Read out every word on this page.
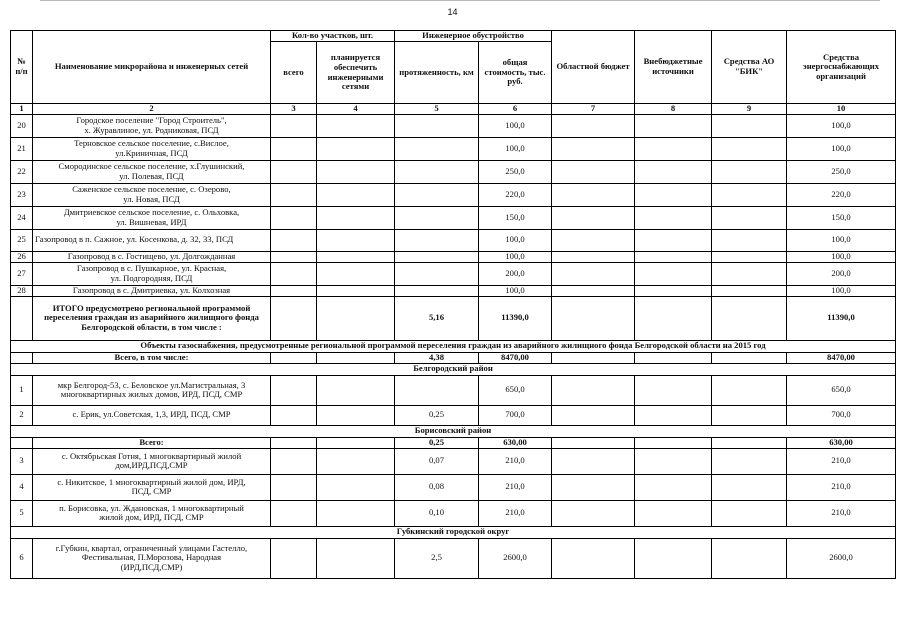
14
№ п/п	Наименование микрорайона и инженерных сетей	Кол-во участков, шт.		Инженерное обустройство		Областной бюджет	Внебюджетные источники	Средства АО "БИК"	Средства энергоснабжающих организаций
		всего	планируется обеспечить инженерными сетями	протяженность, км	общая стоимость, тыс. руб.				
1	2	3	4	5	6	7	8	9	10
20	Городское поселение "Город Строитель",
х. Журавлиное, ул. Родниковая, ПСД				100,0				100,0
21	Терновское сельское поселение, с.Вислое,
ул.Криничная, ПСД				100,0				100,0
22	Смородинское сельское поселение, х.Глушинский,
ул. Полевая, ПСД				250,0				250,0
23	Саженское сельское поселение, с. Озерово,
ул. Новая, ПСД				220,0				220,0
24	Дмитриевское сельское поселение, с. Ольховка,
ул. Вишневая, ИРД				150,0				150,0
25	Газопровод в п. Сажное, ул. Косенкова, д. 32, 33, ПСД				100,0				100,0
26	Газопровод в с. Гостищево, ул. Долгожданная				100,0				100,0
27	Газопровод в с. Пушкарное, ул. Красная,
ул. Подгородняя, ПСД				200,0				200,0
28	Газопровод в с. Дмитриевка, ул. Колхозная				100,0				100,0
	ИТОГО предусмотрено региональной программой переселения граждан из аварийного жилищного фонда Белгородской области, в том числе :			5,16	11390,0				11390,0
Объекты газоснабжения, предусмотренные региональной программой переселения граждан из аварийного жилищного фонда Белгородской области на 2015 год									
	Всего, в том числе:			4,38	8470,00				8470,00
Белгородский район									
1	мкр Белгород-53, с. Беловское ул.Магистральная, 3 многоквартирных жилых домов, ИРД, ПСД, СМР				650,0				650,0
2	с. Ерик, ул.Советская, 1,3, ИРД, ПСД, СМР			0,25	700,0				700,0
Борисовский район									
	Всего:			0,25	630,00				630,00
3	с. Октябрьская Готня, 1 многоквартирный жилой
дом,ИРД,ПСД,СМР			0,07	210,0				210,0
4	с. Никитское, 1 многоквартирный жилой дом, ИРД,
ПСД, СМР			0,08	210,0				210,0
5	п. Борисовка, ул. Ждановская, 1 многоквартирный
жилой дом, ИРД, ПСД, СМР			0,10	210,0				210,0
Губкинский городской округ									
6	г.Губкин, квартал, ограниченный улицами Гастелло,
Фестивальная, П.Морозова, Народная
(ИРД,ПСД,СМР)			2,5	2600,0				2600,0
